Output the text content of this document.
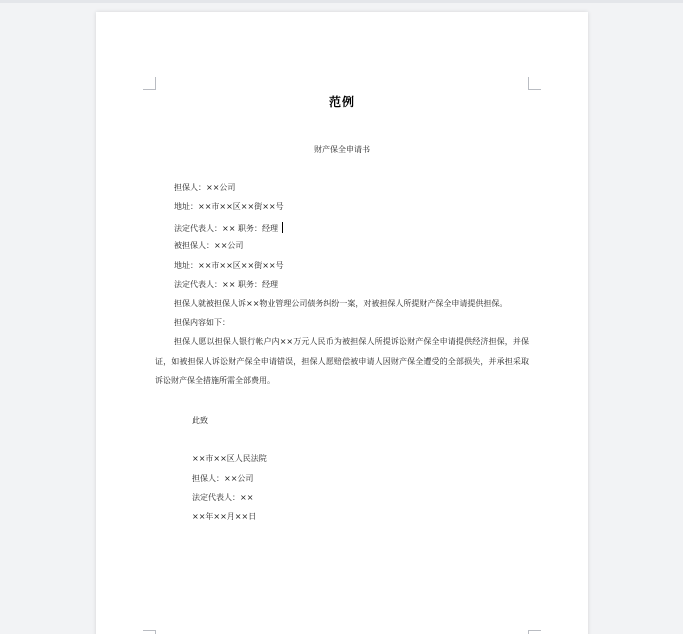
范例
财产保全申请书
担保人：××公司
地址：××市××区××街××号
法定代表人：×× 职务：经理
被担保人：××公司
地址：××市××区××街××号
法定代表人：×× 职务：经理
担保人就被担保人诉××物业管理公司债务纠纷一案，对被担保人所提财产保全申请提供担保。
担保内容如下：
担保人愿以担保人银行帐户内××万元人民币为被担保人所提诉讼财产保全申请提供经济担保，并保证，如被担保人诉讼财产保全申请错误，担保人愿赔偿被申请人因财产保全遭受的全部损失，并承担采取诉讼财产保全措施所需全部费用。
此致
××市××区人民法院
担保人：××公司
法定代表人：××
××年××月××日
